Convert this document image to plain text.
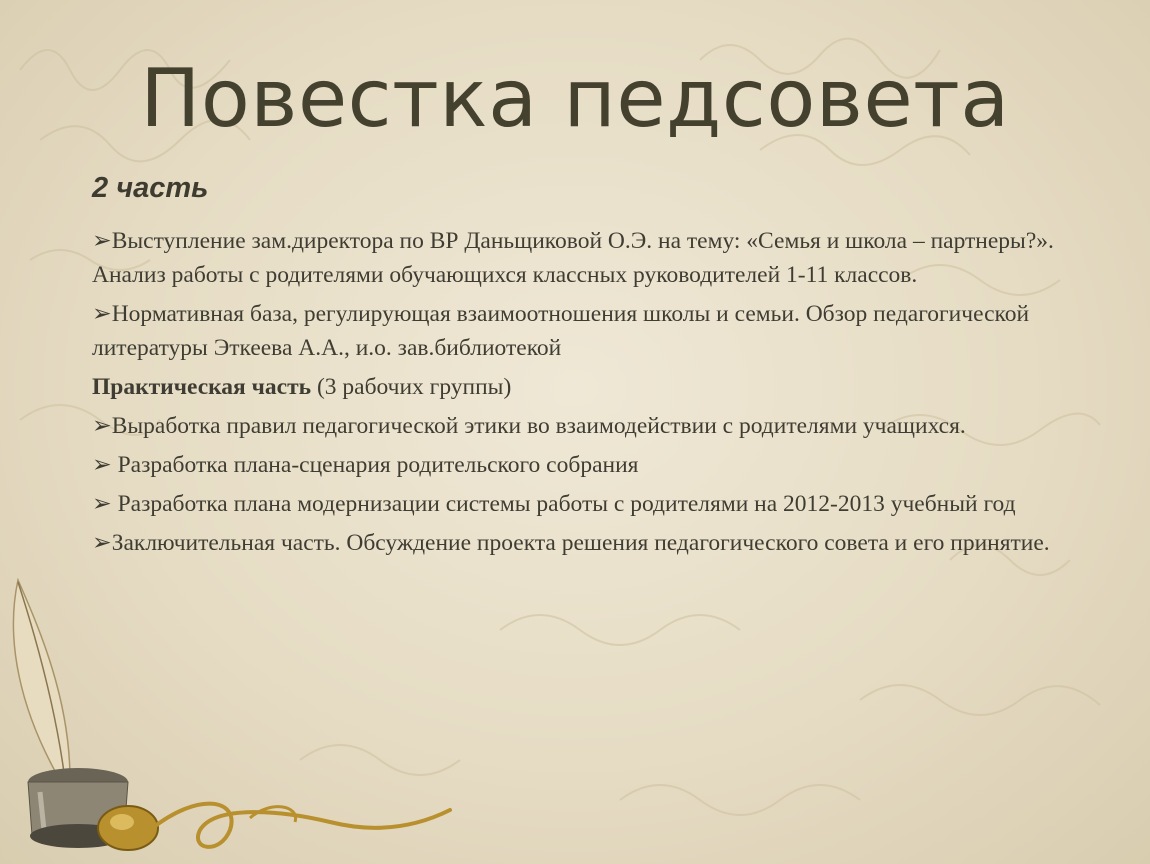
Повестка педсовета
2 часть

➢Выступление зам.директора по ВР Даньщиковой О.Э. на тему: «Семья и школа – партнеры?». Анализ работы с родителями обучающихся классных руководителей 1-11 классов.

➢Нормативная база, регулирующая взаимоотношения школы и семьи. Обзор педагогической литературы Эткеева А.А., и.о. зав.библиотекой

Практическая часть (3 рабочих группы)

➢Выработка правил педагогической этики во взаимодействии с родителями учащихся.

➢ Разработка плана-сценария родительского собрания

➢ Разработка плана модернизации системы работы с родителями на 2012-2013 учебный год

➢Заключительная часть. Обсуждение проекта решения педагогического совета и его принятие.
